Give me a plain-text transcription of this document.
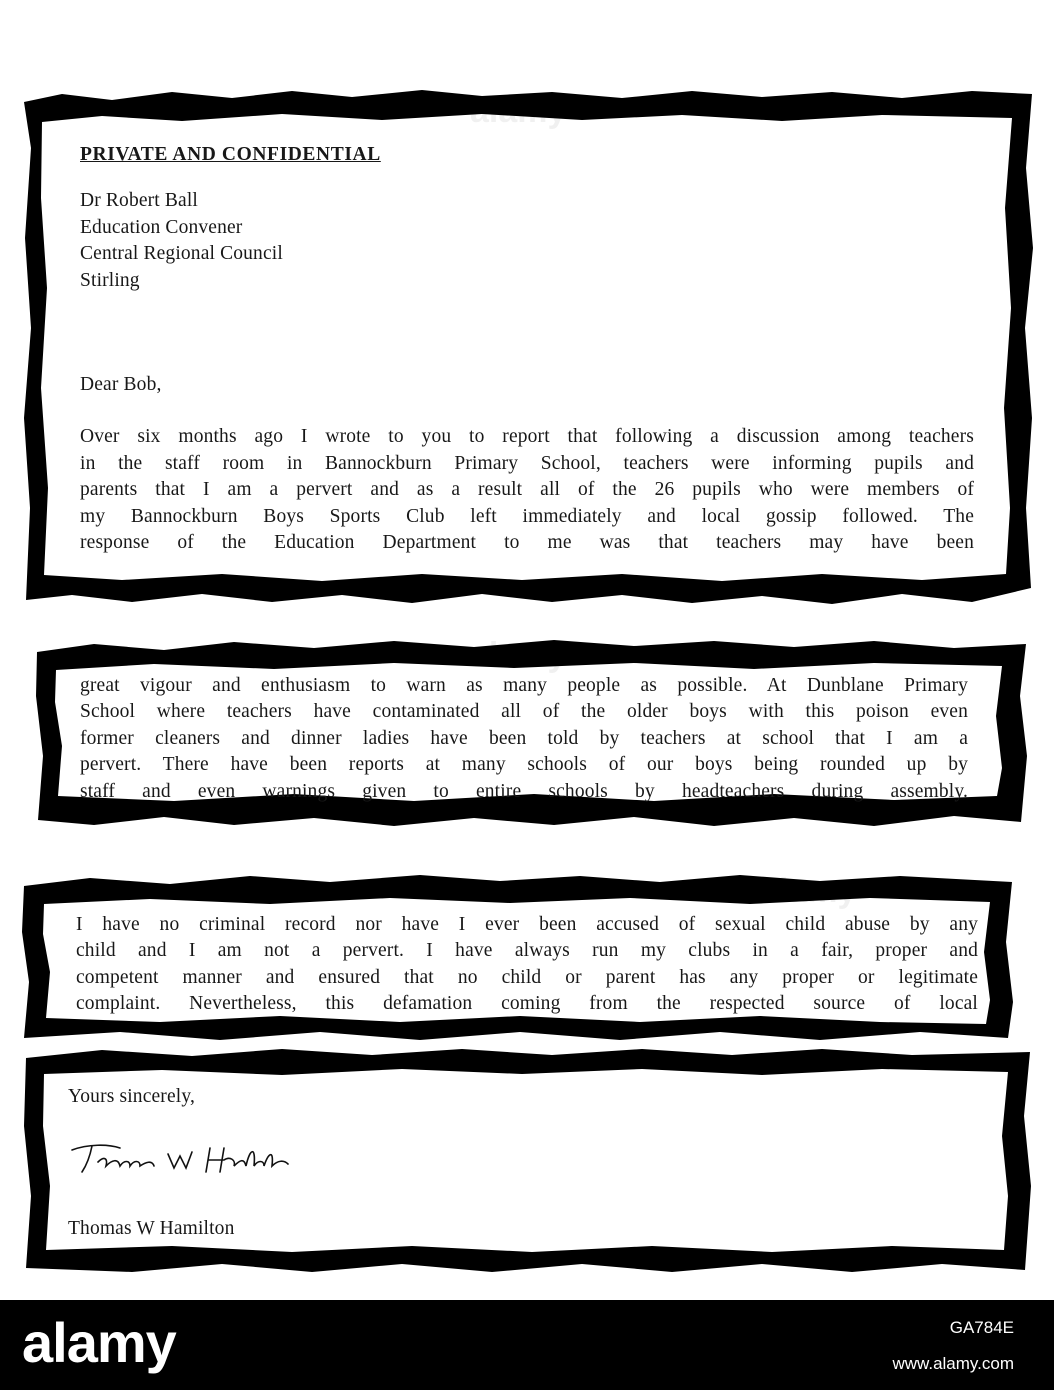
PRIVATE AND CONFIDENTIAL
Dr Robert Ball
Education Convener
Central Regional Council
Stirling
Dear Bob,
Over six months ago I wrote to you to report that following a discussion among teachers
in the staff room in Bannockburn Primary School, teachers were informing pupils and
parents that I am a pervert and as a result all of the 26 pupils who were members of
my Bannockburn Boys Sports Club left immediately and local gossip followed. The
response of the Education Department to me was that teachers may have been
great vigour and enthusiasm to warn as many people as possible. At Dunblane Primary
School where teachers have contaminated all of the older boys with this poison even
former cleaners and dinner ladies have been told by teachers at school that I am a
pervert. There have been reports at many schools of our boys being rounded up by
staff and even warnings given to entire schools by headteachers during assembly.
I have no criminal record nor have I ever been accused of sexual child abuse by any
child and I am not a pervert. I have always run my clubs in a fair, proper and
competent manner and ensured that no child or parent has any proper or legitimate
complaint. Nevertheless, this defamation coming from the respected source of local
Yours sincerely,
Thomas W Hamilton
alamy
alamy
alamy
alamy	GA784E
www.alamy.com
